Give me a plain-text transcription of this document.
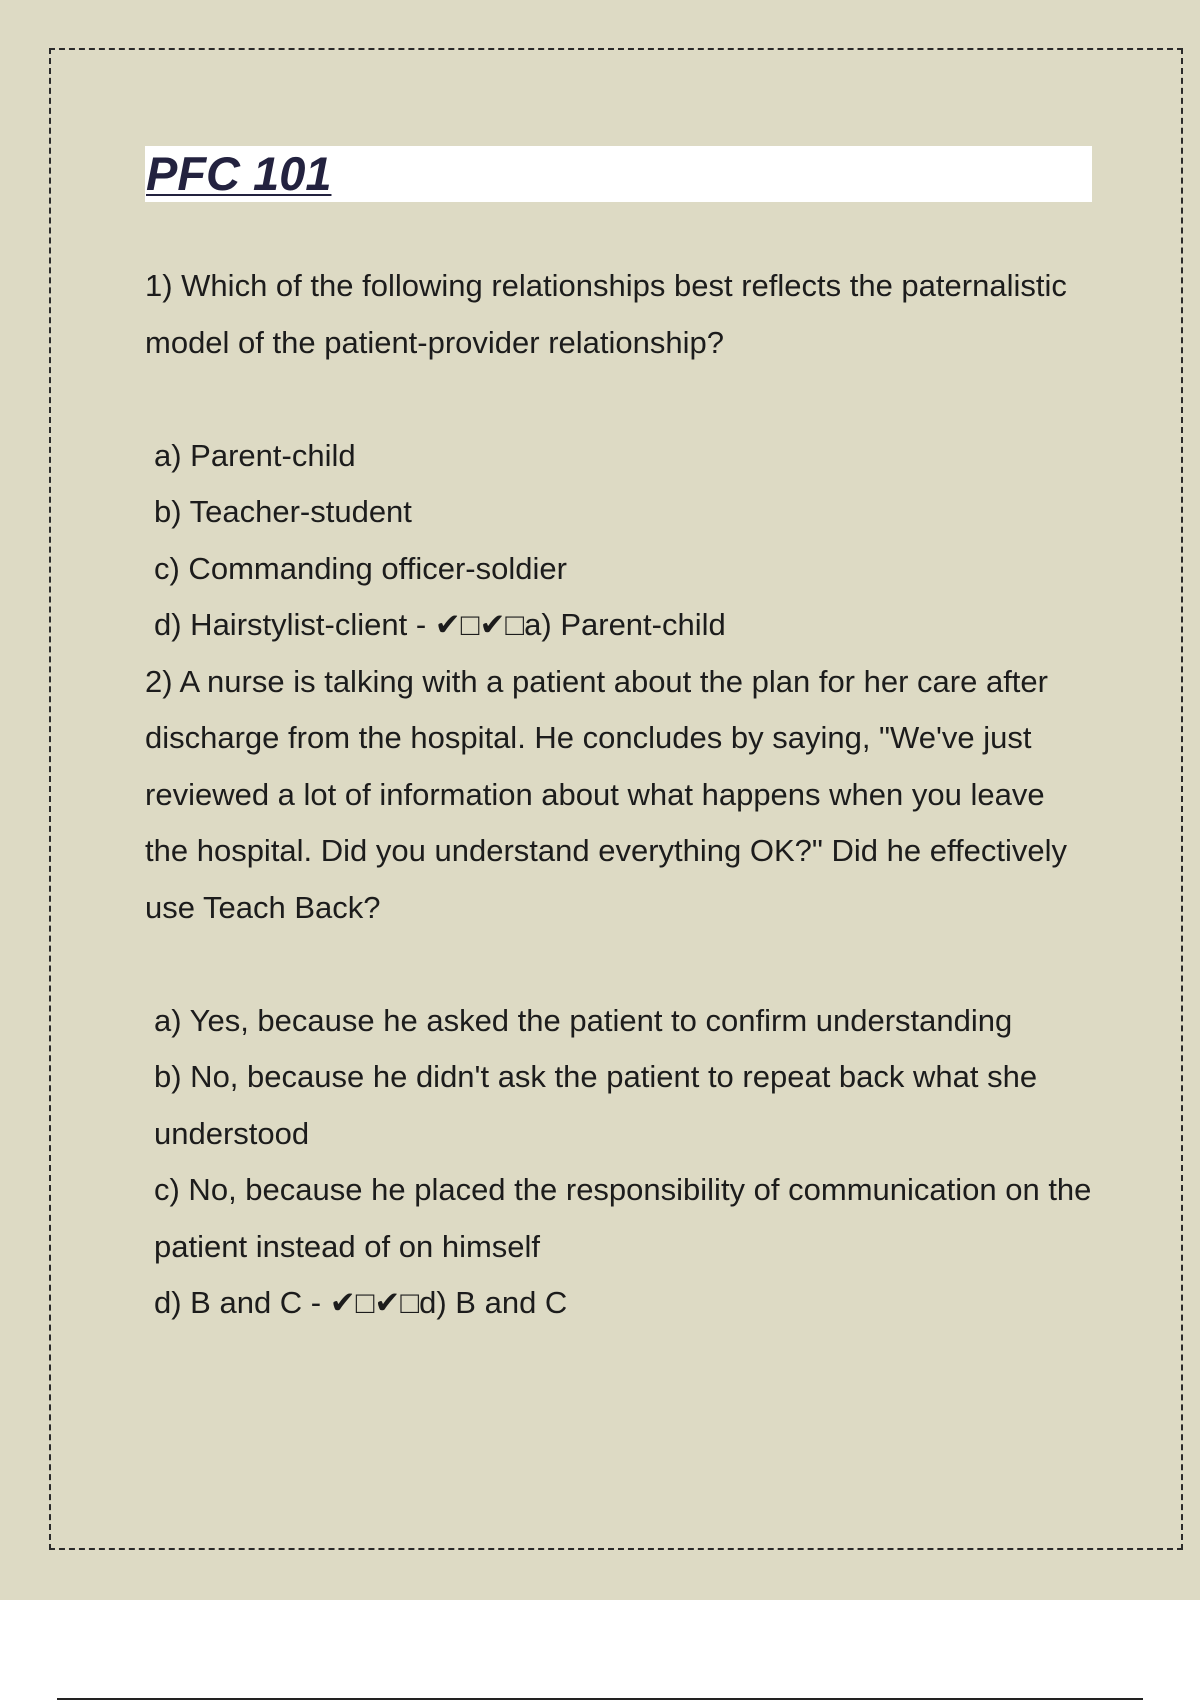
PFC 101

1) Which of the following relationships best reflects the paternalistic model of the patient-provider relationship?

a) Parent-child

b) Teacher-student

c) Commanding officer-soldier

d) Hairstylist-client - ✔□✔□a) Parent-child

2) A nurse is talking with a patient about the plan for her care after discharge from the hospital. He concludes by saying, "We've just reviewed a lot of information about what happens when you leave the hospital. Did you understand everything OK?" Did he effectively use Teach Back?

a) Yes, because he asked the patient to confirm understanding

b) No, because he didn't ask the patient to repeat back what she understood

c) No, because he placed the responsibility of communication on the patient instead of on himself

d) B and C - ✔□✔□d) B and C
